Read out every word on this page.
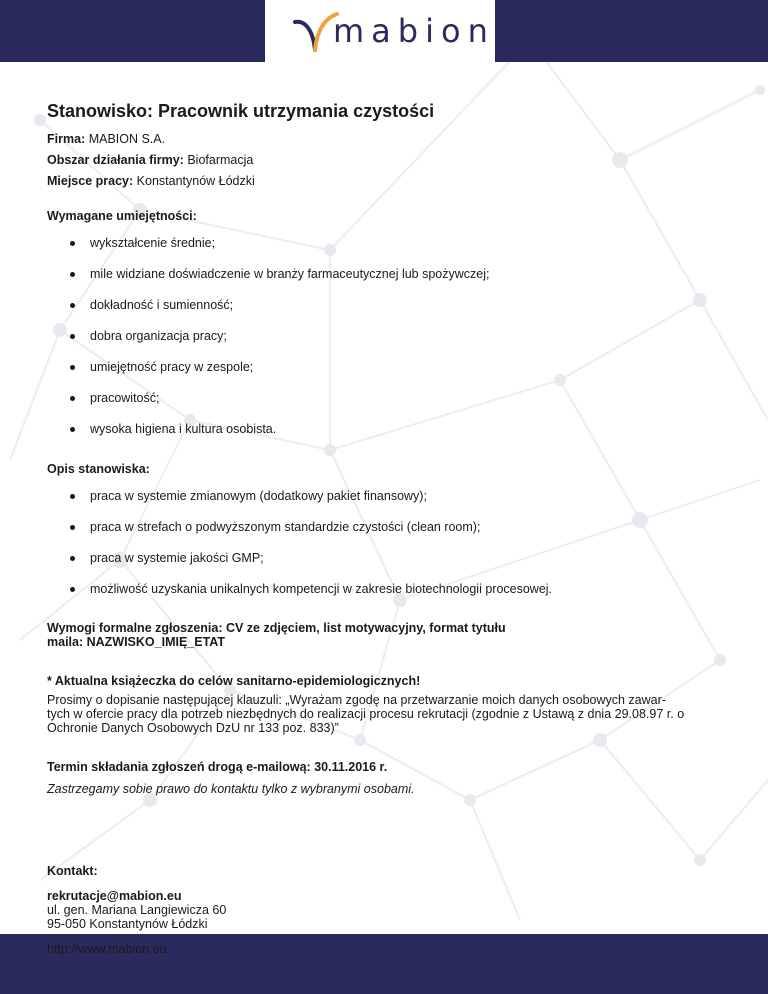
mabion
Stanowisko: Pracownik utrzymania czystości
Firma: MABION S.A.
Obszar działania firmy: Biofarmacja
Miejsce pracy: Konstantynów Łódzki
Wymagane umiejętności:
wykształcenie średnie;
mile widziane doświadczenie w branży farmaceutycznej lub spożywczej;
dokładność i sumienność;
dobra organizacja pracy;
umiejętność pracy w zespole;
pracowitość;
wysoka higiena i kultura osobista.
Opis stanowiska:
praca w systemie zmianowym (dodatkowy pakiet finansowy);
praca w strefach o podwyższonym standardzie czystości (clean room);
praca w systemie jakości GMP;
możliwość uzyskania unikalnych kompetencji w zakresie biotechnologii procesowej.
Wymogi formalne zgłoszenia: CV ze zdjęciem, list motywacyjny, format tytułu
maila: NAZWISKO_IMIĘ_ETAT
* Aktualna książeczka do celów sanitarno-epidemiologicznych!
Prosimy o dopisanie następującej klauzuli: „Wyrażam zgodę na przetwarzanie moich danych osobowych zawar-
tych w ofercie pracy dla potrzeb niezbędnych do realizacji procesu rekrutacji (zgodnie z Ustawą z dnia 29.08.97 r. o
Ochronie Danych Osobowych DzU nr 133 poz. 833)”
Termin składania zgłoszeń drogą e-mailową: 30.11.2016 r.
Zastrzegamy sobie prawo do kontaktu tylko z wybranymi osobami.
Kontakt:
rekrutacje@mabion.eu
ul. gen. Mariana Langiewicza 60
95-050 Konstantynów Łódzki
http://www.mabion.eu
